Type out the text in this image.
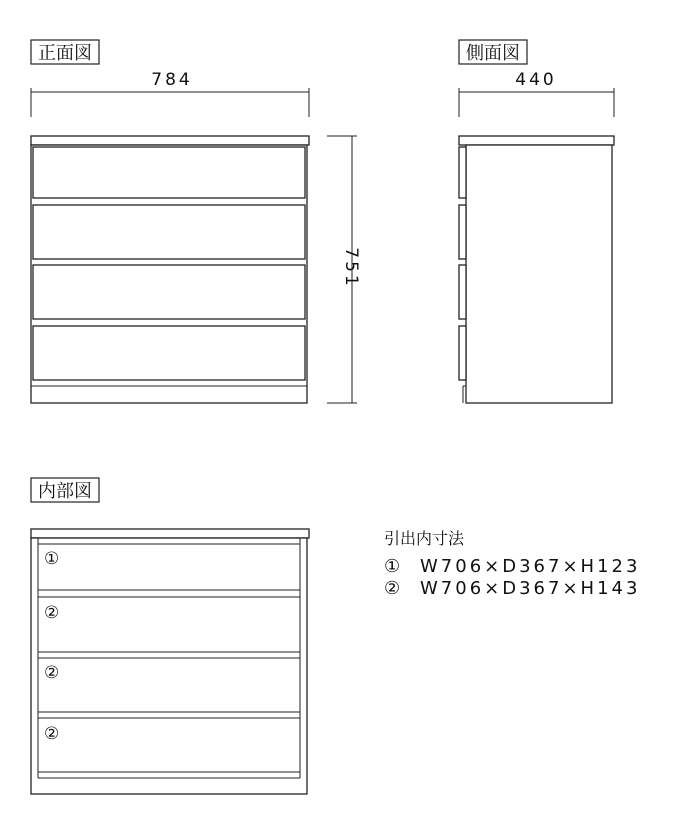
正面図
784
751
側面図
440
内部図
①
②
②
②
引出内寸法
① W706×D367×H123
② W706×D367×H143
